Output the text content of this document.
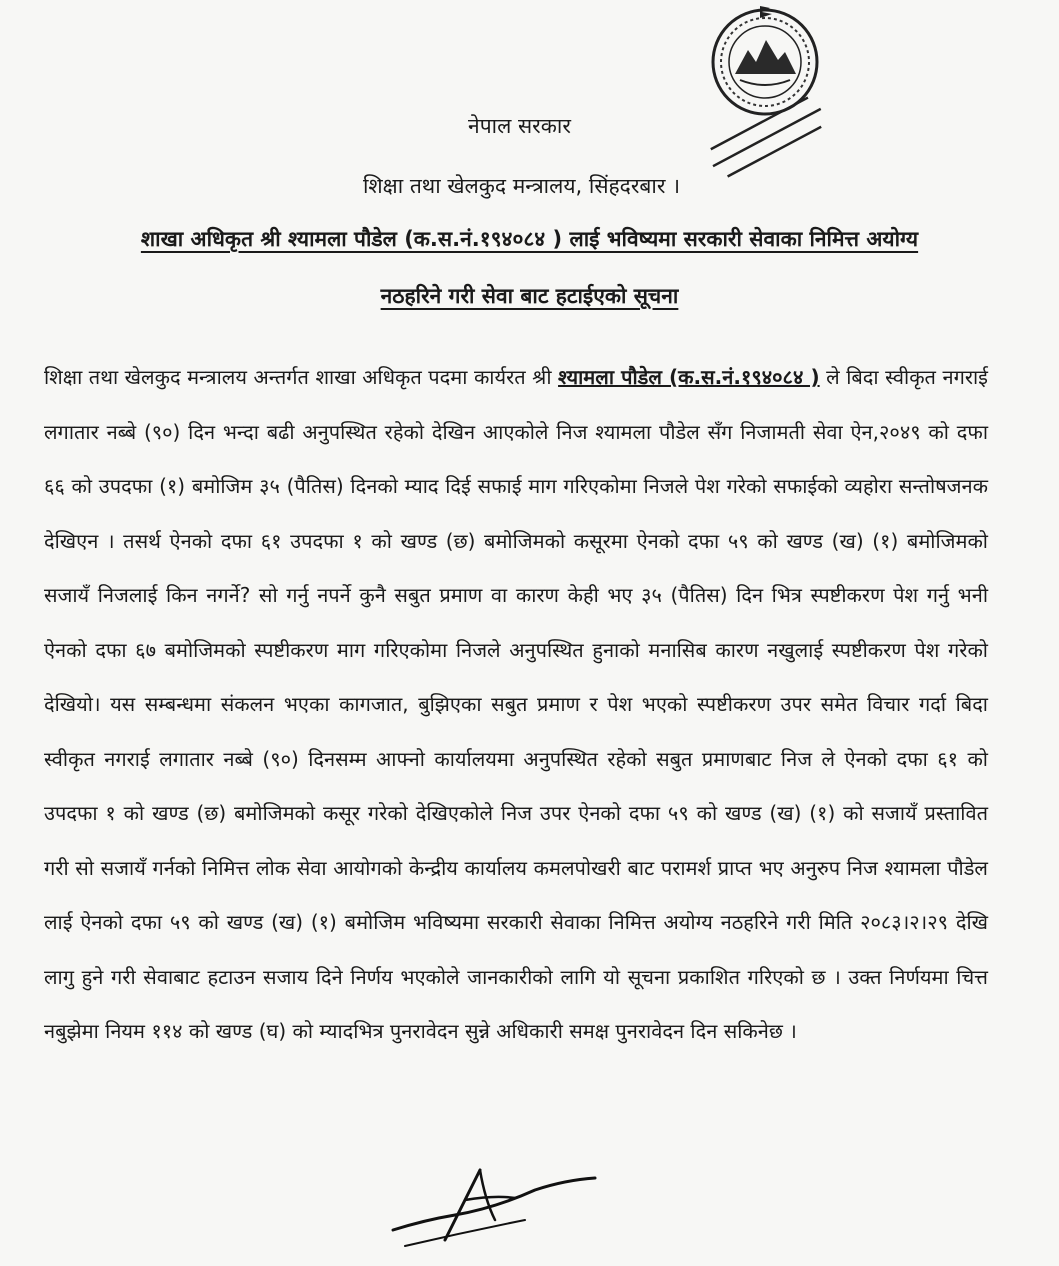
नेपाल सरकार
शिक्षा तथा खेलकुद मन्त्रालय, सिंहदरबार ।
शाखा अधिकृत श्री श्यामला पौडेल (क.स.नं.१९४०८४ ) लाई भविष्यमा सरकारी सेवाका निमित्त अयोग्य
नठहरिने गरी सेवा बाट हटाईएको सूचना

शिक्षा तथा खेलकुद मन्त्रालय अन्तर्गत शाखा अधिकृत पदमा कार्यरत श्री श्यामला पौडेल (क.स.नं.१९४०८४ ) ले बिदा स्वीकृत नगराई लगातार नब्बे (९०) दिन भन्दा बढी अनुपस्थित रहेको देखिन आएकोले निज श्यामला पौडेल सँग निजामती सेवा ऐन,२०४९ को दफा ६६ को उपदफा (१) बमोजिम ३५ (पैतिस) दिनको म्याद दिई सफाई माग गरिएकोमा निजले पेश गरेको सफाईको व्यहोरा सन्तोषजनक देखिएन । तसर्थ ऐनको दफा ६१ उपदफा १ को खण्ड (छ) बमोजिमको कसूरमा ऐनको दफा ५९ को खण्ड (ख) (१) बमोजिमको सजायँ निजलाई किन नगर्ने? सो गर्नु नपर्ने कुनै सबुत प्रमाण वा कारण केही भए ३५ (पैतिस) दिन भित्र स्पष्टीकरण पेश गर्नु भनी ऐनको दफा ६७ बमोजिमको स्पष्टीकरण माग गरिएकोमा निजले अनुपस्थित हुनाको मनासिब कारण नखुलाई स्पष्टीकरण पेश गरेको देखियो। यस सम्बन्धमा संकलन भएका कागजात, बुझिएका सबुत प्रमाण र पेश भएको स्पष्टीकरण उपर समेत विचार गर्दा बिदा स्वीकृत नगराई लगातार नब्बे (९०) दिनसम्म आफ्नो कार्यालयमा अनुपस्थित रहेको सबुत प्रमाणबाट निज ले ऐनको दफा ६१ को उपदफा १ को खण्ड (छ) बमोजिमको कसूर गरेको देखिएकोले निज उपर ऐनको दफा ५९ को खण्ड (ख) (१) को सजायँ प्रस्तावित गरी सो सजायँ गर्नको निमित्त लोक सेवा आयोगको केन्द्रीय कार्यालय कमलपोखरी बाट परामर्श प्राप्त भए अनुरुप निज श्यामला पौडेल लाई ऐनको दफा ५९ को खण्ड (ख) (१) बमोजिम भविष्यमा सरकारी सेवाका निमित्त अयोग्य नठहरिने गरी मिति २०८३।२।२९ देखि लागु हुने गरी सेवाबाट हटाउन सजाय दिने निर्णय भएकोले जानकारीको लागि यो सूचना प्रकाशित गरिएको छ । उक्त निर्णयमा चित्त नबुझेमा नियम ११४ को खण्ड (घ) को म्यादभित्र पुनरावेदन सुन्ने अधिकारी समक्ष पुनरावेदन दिन सकिनेछ ।
